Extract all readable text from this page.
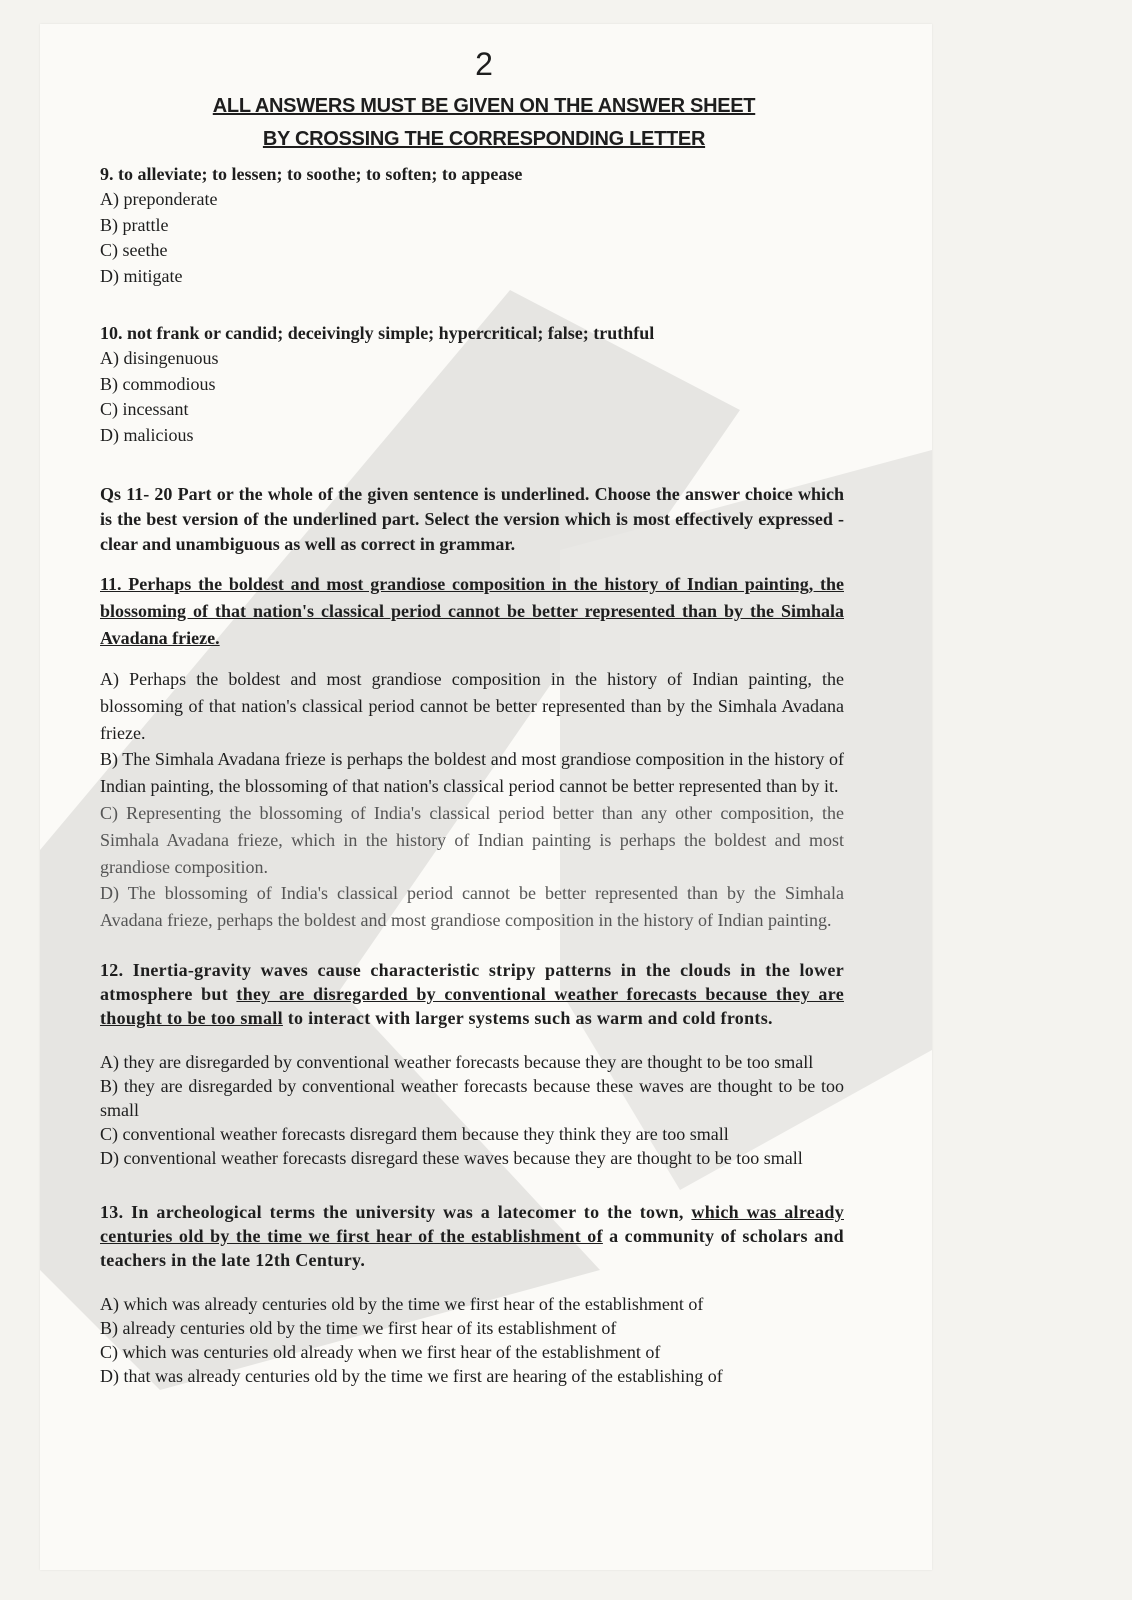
2
ALL ANSWERS MUST BE GIVEN ON THE ANSWER SHEET
BY CROSSING THE CORRESPONDING LETTER
9. to alleviate; to lessen; to soothe; to soften; to appease
A) preponderate
B) prattle
C) seethe
D) mitigate
10. not frank or candid; deceivingly simple; hypercritical; false; truthful
A) disingenuous
B) commodious
C) incessant
D) malicious
Qs 11- 20 Part or the whole of the given sentence is underlined. Choose the answer choice which is the best version of the underlined part. Select the version which is most effectively expressed - clear and unambiguous as well as correct in grammar.
11. Perhaps the boldest and most grandiose composition in the history of Indian painting, the blossoming of that nation's classical period cannot be better represented than by the Simhala Avadana frieze.
A) Perhaps the boldest and most grandiose composition in the history of Indian painting, the blossoming of that nation's classical period cannot be better represented than by the Simhala Avadana frieze.
B) The Simhala Avadana frieze is perhaps the boldest and most grandiose composition in the history of Indian painting, the blossoming of that nation's classical period cannot be better represented than by it.
C) Representing the blossoming of India's classical period better than any other composition, the Simhala Avadana frieze, which in the history of Indian painting is perhaps the boldest and most grandiose composition.
D) The blossoming of India's classical period cannot be better represented than by the Simhala Avadana frieze, perhaps the boldest and most grandiose composition in the history of Indian painting.
12. Inertia-gravity waves cause characteristic stripy patterns in the clouds in the lower atmosphere but they are disregarded by conventional weather forecasts because they are thought to be too small to interact with larger systems such as warm and cold fronts.
A) they are disregarded by conventional weather forecasts because they are thought to be too small
B) they are disregarded by conventional weather forecasts because these waves are thought to be too small
C) conventional weather forecasts disregard them because they think they are too small
D) conventional weather forecasts disregard these waves because they are thought to be too small
13. In archeological terms the university was a latecomer to the town, which was already centuries old by the time we first hear of the establishment of a community of scholars and teachers in the late 12th Century.
A) which was already centuries old by the time we first hear of the establishment of
B) already centuries old by the time we first hear of its establishment of
C) which was centuries old already when we first hear of the establishment of
D) that was already centuries old by the time we first are hearing of the establishing of
